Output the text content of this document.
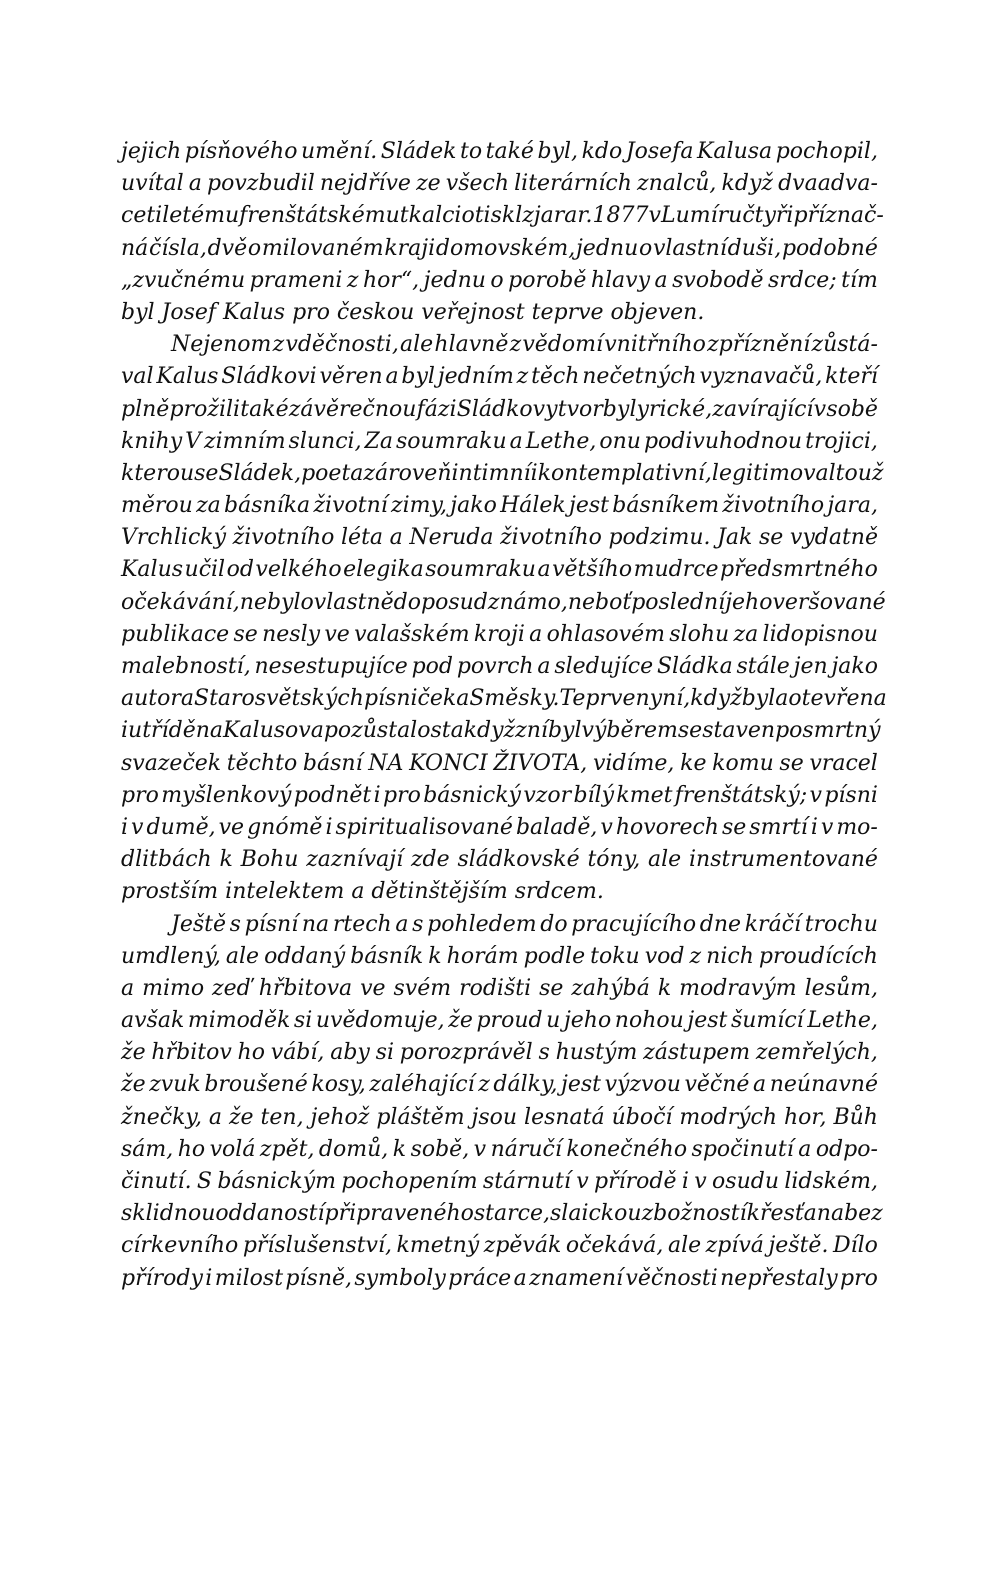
jejich písňového umění. Sládek to také byl, kdo Josefa Kalusa pochopil,
uvítal a povzbudil nejdříve ze všech literárních znalců, když dvaadva-
cetiletému frenštátskému tkalci otiskl z jara r. 1877 v Lumíru čtyři příznač-
ná čísla, dvě o milovaném kraji domovském, jednu o vlastní duši, podobné
„zvučnému prameni z hor“, jednu o porobě hlavy a svobodě srdce; tím
byl Josef Kalus pro českou veřejnost teprve objeven.
Nejenom z vděčnosti, ale hlavně z vědomí vnitřního zpříznění zůstá-
val Kalus Sládkovi věren a byl jedním z těch nečetných vyznavačů, kteří
plně prožili také závěrečnou fázi Sládkovy tvorby lyrické, zavírající v sobě
knihy V zimním slunci, Za soumraku a Lethe, onu podivuhodnou trojici,
kterou se Sládek, poeta zároveň intimní i kontemplativní, legitimoval touž
měrou za básníka životní zimy, jako Hálek jest básníkem životního jara,
Vrchlický životního léta a Neruda životního podzimu. Jak se vydatně
Kalus učil od velkého elegika soumraku a většího mudrce předsmrtného
očekávání, nebylo vlastně doposud známo, neboť poslední jeho veršované
publikace se nesly ve valašském kroji a ohlasovém slohu za lidopisnou
malebností, nesestupujíce pod povrch a sledujíce Sládka stále jen jako
autora Starosvětských písniček a Směsky. Teprve nyní, když byla otevřena
i utříděna Kalusova pozůstalost a když z ní byl výběrem sestaven posmrtný
svazeček těchto básní NA KONCI ŽIVOTA, vidíme, ke komu se vracel
pro myšlenkový podnět i pro básnický vzor bílý kmet frenštátský; v písni
i v dumě, ve gnómě i spiritualisované baladě, v hovorech se smrtí i v mo-
dlitbách k Bohu zaznívají zde sládkovské tóny, ale instrumentované
prostším intelektem a dětinštějším srdcem.
Ještě s písní na rtech a s pohledem do pracujícího dne kráčí trochu
umdlený, ale oddaný básník k horám podle toku vod z nich proudících
a mimo zeď hřbitova ve svém rodišti se zahýbá k modravým lesům,
avšak mimoděk si uvědomuje, že proud u jeho nohou jest šumící Lethe,
že hřbitov ho vábí, aby si porozprávěl s hustým zástupem zemřelých,
že zvuk broušené kosy, zaléhající z dálky, jest výzvou věčné a neúnavné
žnečky, a že ten, jehož pláštěm jsou lesnatá úbočí modrých hor, Bůh
sám, ho volá zpět, domů, k sobě, v náručí konečného spočinutí a odpo-
činutí. S básnickým pochopením stárnutí v přírodě i v osudu lidském,
s klidnou oddaností připraveného starce, s laickou zbožností křesťana bez
církevního příslušenství, kmetný zpěvák očekává, ale zpívá ještě. Dílo
přírody i milost písně, symboly práce a znamení věčnosti nepřestaly pro
